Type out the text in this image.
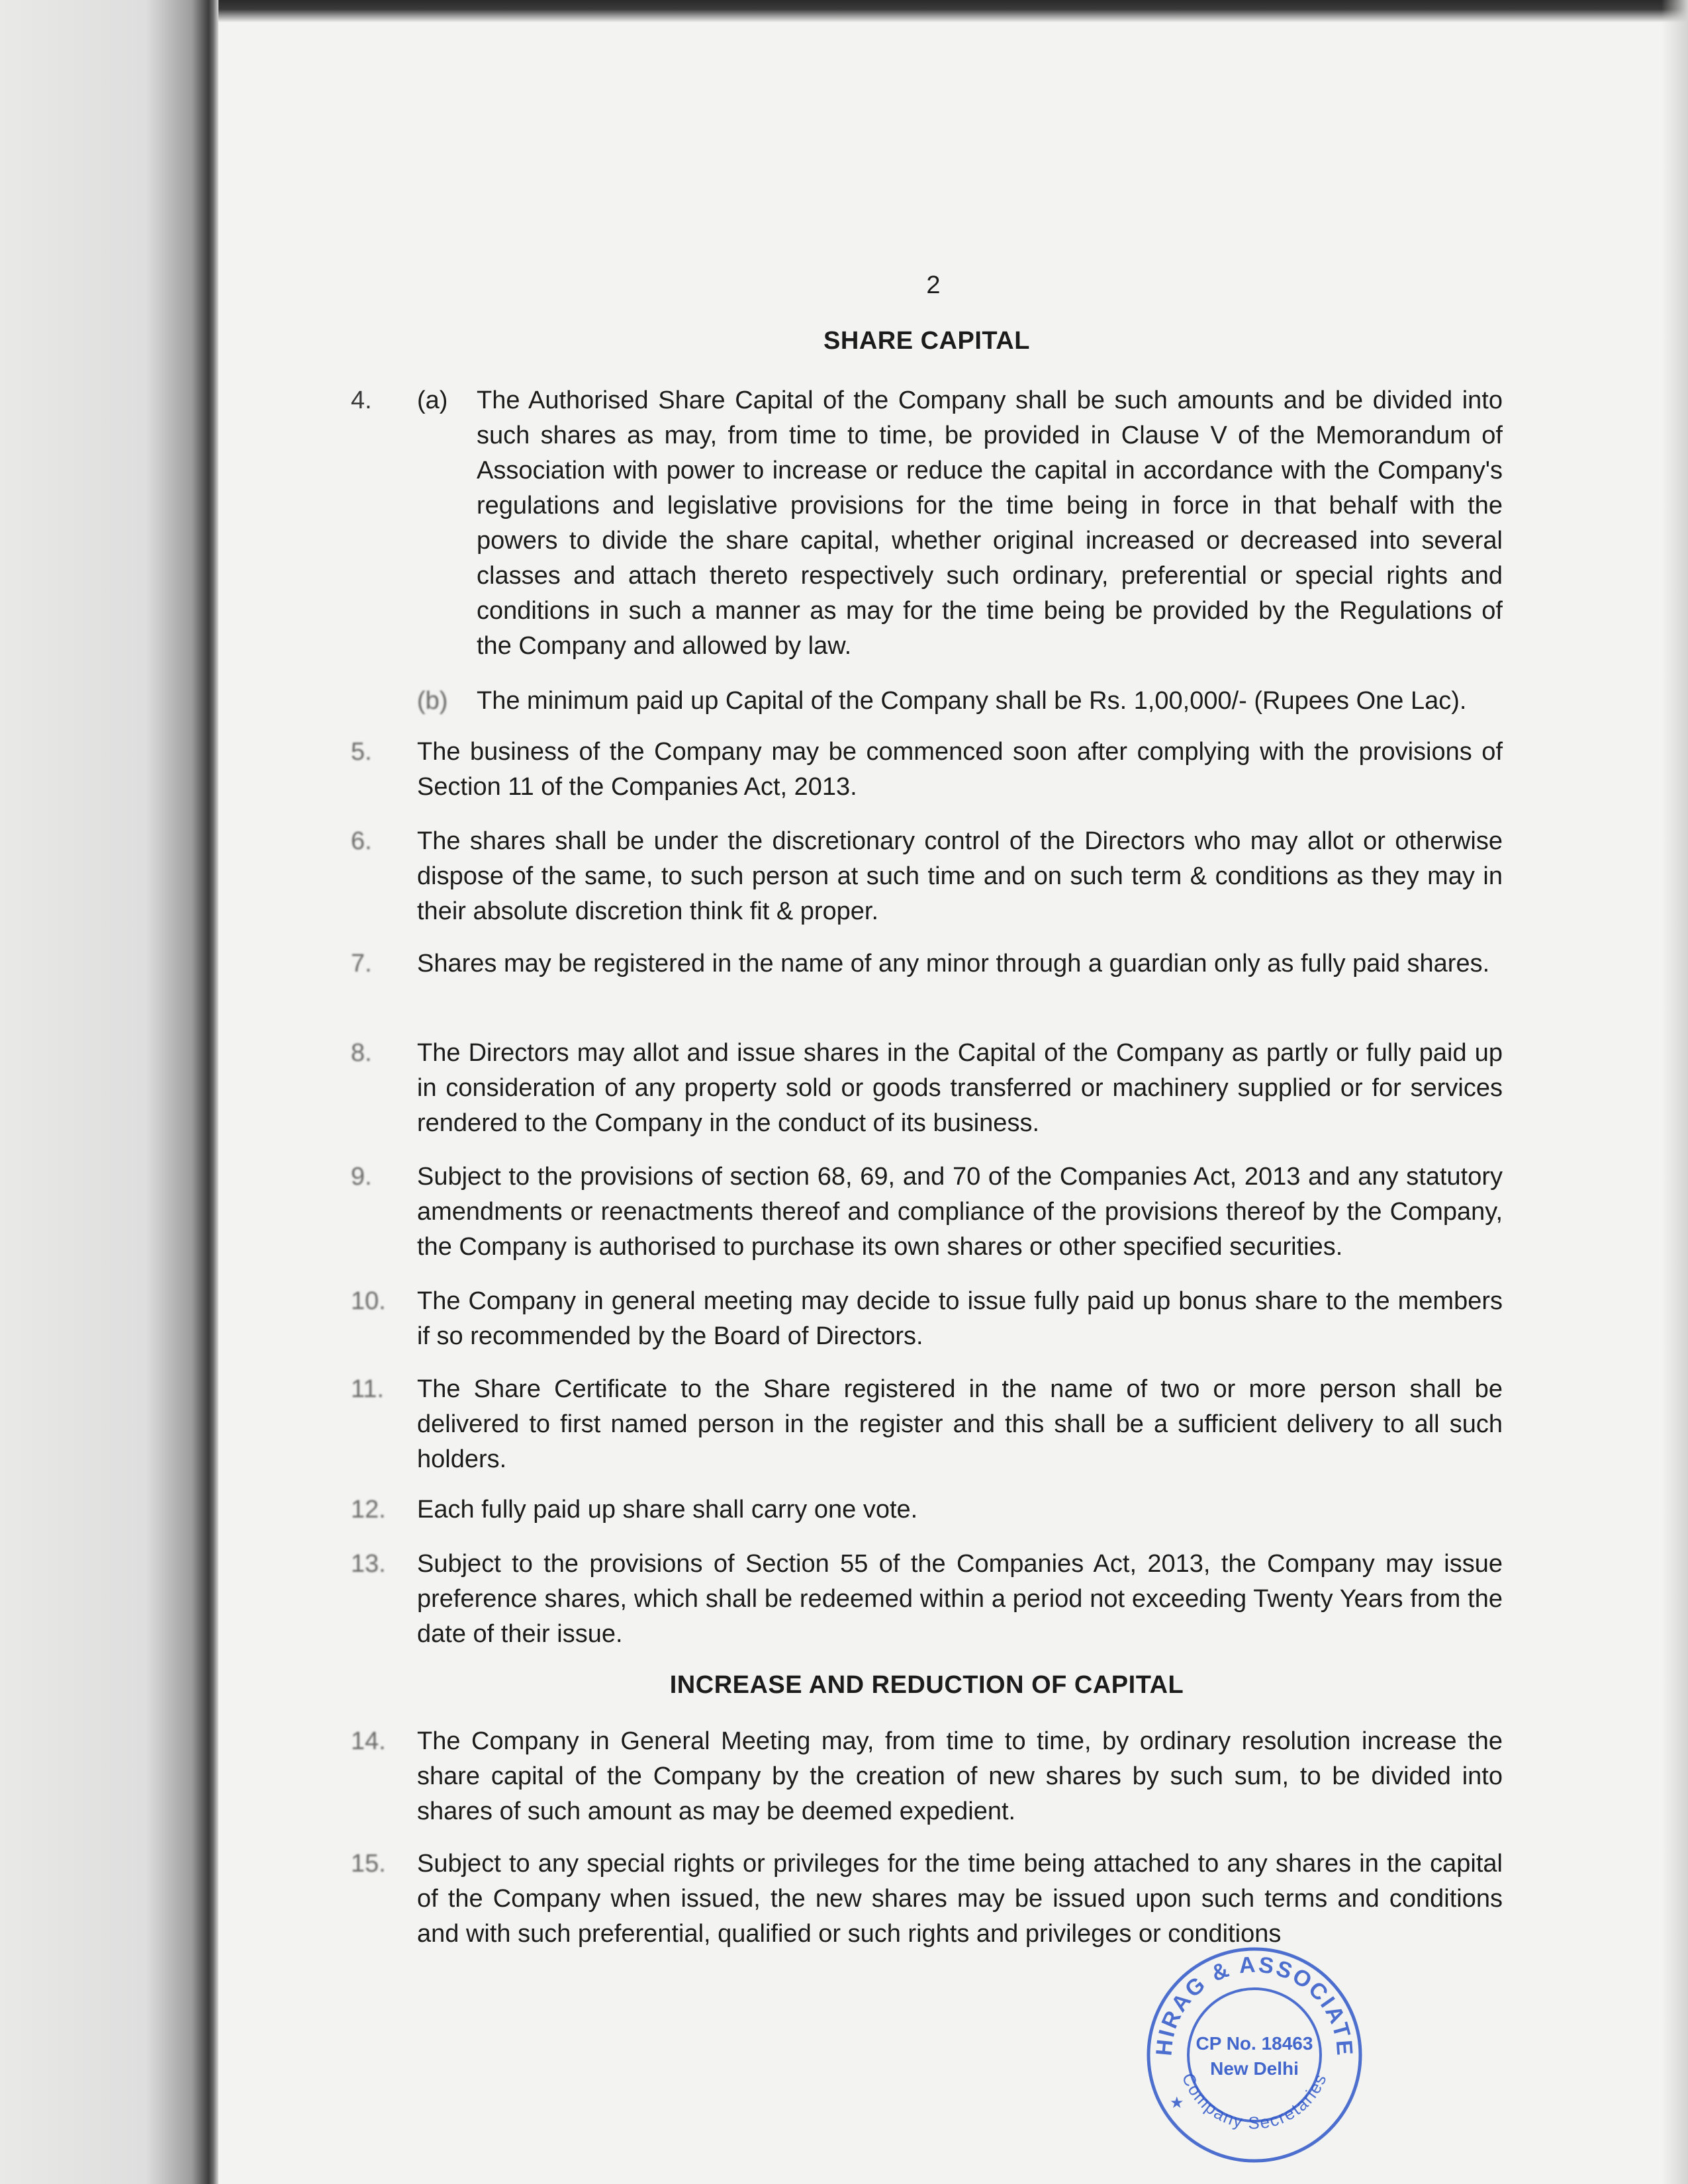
2
SHARE CAPITAL
4.	(a) The Authorised Share Capital of the Company shall be such amounts and be divided into such shares as may, from time to time, be provided in Clause V of the Memorandum of Association with power to increase or reduce the capital in accordance with the Company's regulations and legislative provisions for the time being in force in that behalf with the powers to divide the share capital, whether original increased or decreased into several classes and attach thereto respectively such ordinary, preferential or special rights and conditions in such a manner as may for the time being be provided by the Regulations of the Company and allowed by law.
(b) The minimum paid up Capital of the Company shall be Rs. 1,00,000/- (Rupees One Lac).
5.	The business of the Company may be commenced soon after complying with the provisions of Section 11 of the Companies Act, 2013.
6.	The shares shall be under the discretionary control of the Directors who may allot or otherwise dispose of the same, to such person at such time and on such term & conditions as they may in their absolute discretion think fit & proper.
7.	Shares may be registered in the name of any minor through a guardian only as fully paid shares.
8.	The Directors may allot and issue shares in the Capital of the Company as partly or fully paid up in consideration of any property sold or goods transferred or machinery supplied or for services rendered to the Company in the conduct of its business.
9.	Subject to the provisions of section 68, 69, and 70 of the Companies Act, 2013 and any statutory amendments or reenactments thereof and compliance of the provisions thereof by the Company, the Company is authorised to purchase its own shares or other specified securities.
10.	The Company in general meeting may decide to issue fully paid up bonus share to the members if so recommended by the Board of Directors.
11.	The Share Certificate to the Share registered in the name of two or more person shall be delivered to first named person in the register and this shall be a sufficient delivery to all such holders.
12.	Each fully paid up share shall carry one vote.
13.	Subject to the provisions of Section 55 of the Companies Act, 2013, the Company may issue preference shares, which shall be redeemed within a period not exceeding Twenty Years from the date of their issue.
INCREASE AND REDUCTION OF CAPITAL
14.	The Company in General Meeting may, from time to time, by ordinary resolution increase the share capital of the Company by the creation of new shares by such sum, to be divided into shares of such amount as may be deemed expedient.
15.	Subject to any special rights or privileges for the time being attached to any shares in the capital of the Company when issued, the new shares may be issued upon such terms and conditions and with such preferential, qualified or such rights and privileges or conditions
HIRAG & ASSOCIATE
Company Secretaries
CP No. 18463
New Delhi
★
